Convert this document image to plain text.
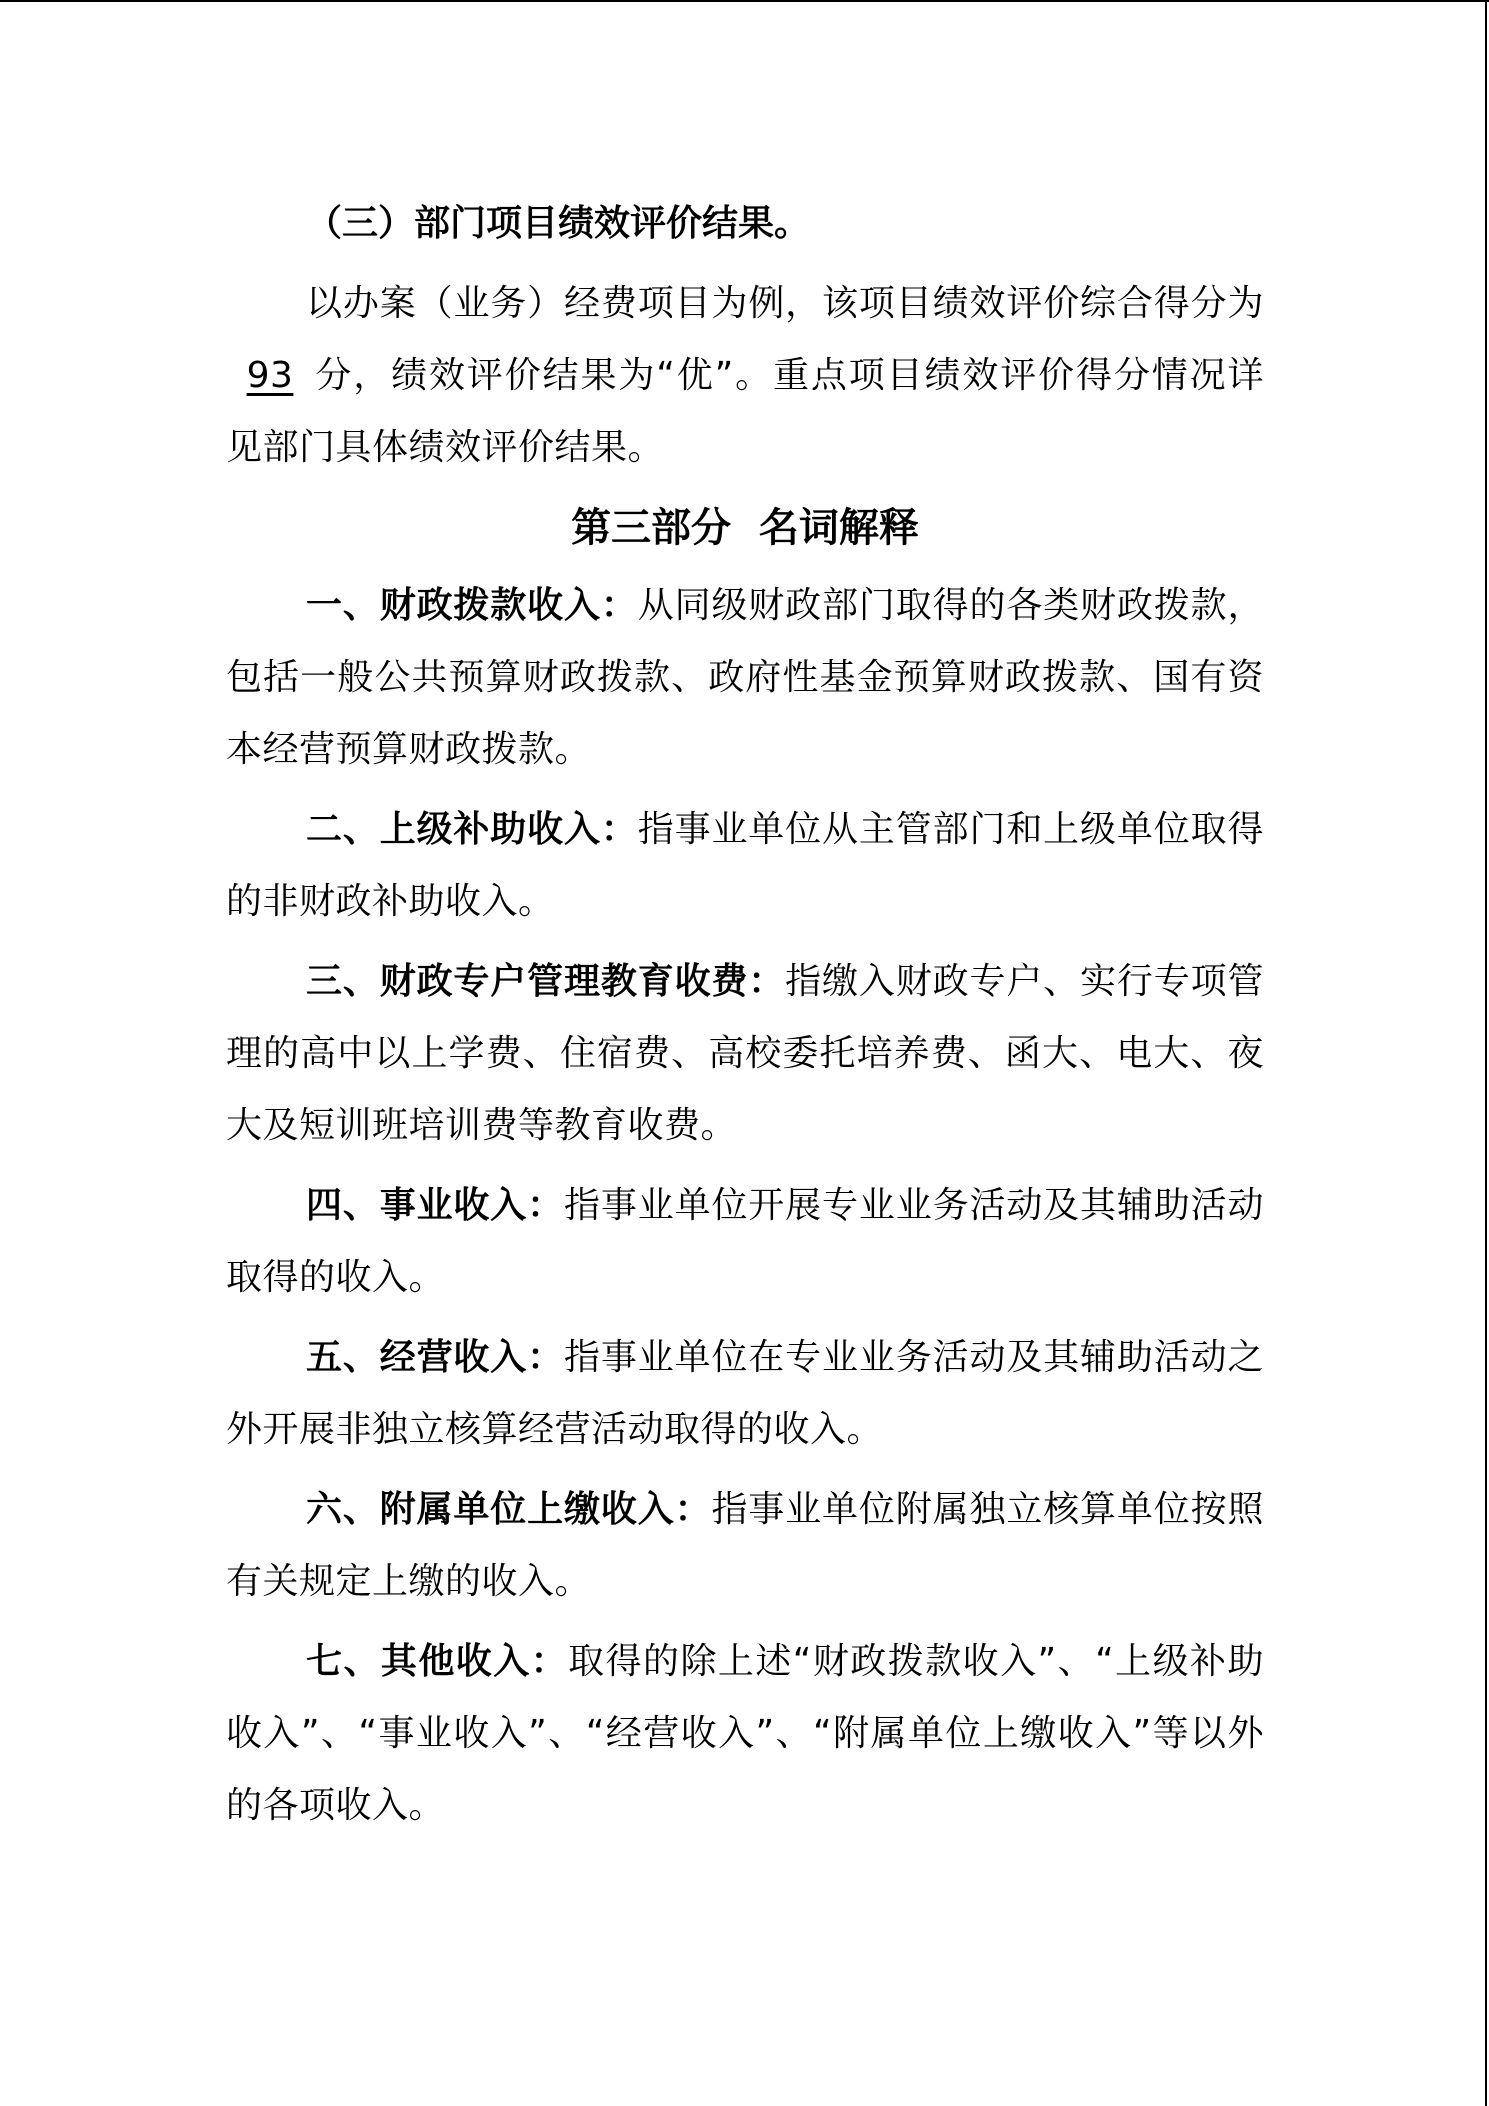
（三）部门项目绩效评价结果。

以办案（业务）经费项目为例，该项目绩效评价综合得分为93 分，绩效评价结果为“优”。重点项目绩效评价得分情况详见部门具体绩效评价结果。

第三部分  名词解释

一、财政拨款收入：从同级财政部门取得的各类财政拨款，包括一般公共预算财政拨款、政府性基金预算财政拨款、国有资本经营预算财政拨款。

二、上级补助收入：指事业单位从主管部门和上级单位取得的非财政补助收入。

三、财政专户管理教育收费：指缴入财政专户、实行专项管理的高中以上学费、住宿费、高校委托培养费、函大、电大、夜大及短训班培训费等教育收费。

四、事业收入：指事业单位开展专业业务活动及其辅助活动取得的收入。

五、经营收入：指事业单位在专业业务活动及其辅助活动之外开展非独立核算经营活动取得的收入。

六、附属单位上缴收入：指事业单位附属独立核算单位按照有关规定上缴的收入。

七、其他收入：取得的除上述“财政拨款收入”、“上级补助收入”、“事业收入”、“经营收入”、“附属单位上缴收入”等以外的各项收入。
